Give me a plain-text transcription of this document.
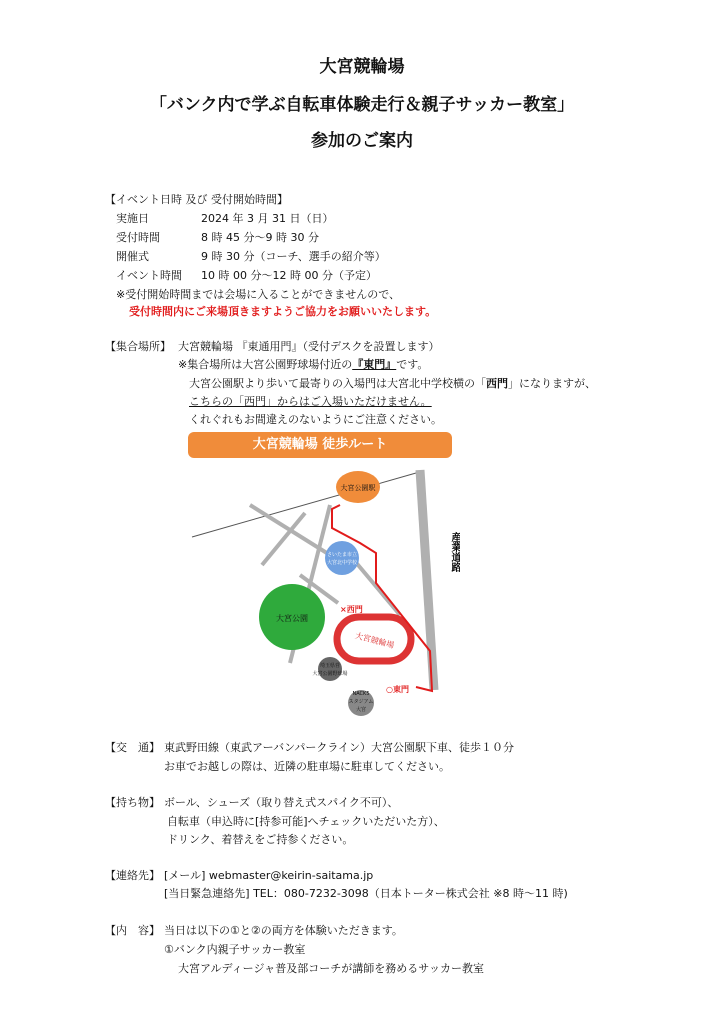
大宮競輪場
「バンク内で学ぶ自転車体験走行＆親子サッカー教室」
参加のご案内
【イベント日時 及び 受付開始時間】
実施日	2024 年 3 月 31 日（日）
受付時間	8 時 45 分～9 時 30 分
開催式	9 時 30 分（コーチ、選手の紹介等）
イベント時間 10 時 00 分～12 時 00 分（予定）
※受付開始時間までは会場に入ることができませんので、
受付時間内にご来場頂きますようご協力をお願いいたします。
【集合場所】 大宮競輪場 『東通用門』（受付デスクを設置します）
※集合場所は大宮公園野球場付近の『東門』です。
大宮公園駅より歩いて最寄りの入場門は大宮北中学校横の「西門」になりますが、
こちらの「西門」からはご入場いただけません。
くれぐれもお間違えのないようにご注意ください。
大宮競輪場 徒歩ルート
産業道路
大宮公園
さいたま市立
大宮北中学校
大宮公園駅
大宮競輪場
埼玉県営
大宮公園野球場
NACK5
スタジアム
大宮
×西門
○東門
【交　通】 東武野田線（東武アーバンパークライン）大宮公園駅下車、徒歩１０分
お車でお越しの際は、近隣の駐車場に駐車してください。
【持ち物】 ボール、シューズ（取り替え式スパイク不可）、
自転車（申込時に[持参可能]へチェックいただいた方）、
ドリンク、着替えをご持参ください。
【連絡先】 [メール] webmaster@keirin-saitama.jp
[当日緊急連絡先] TEL：080-7232-3098（日本トーター株式会社 ※8 時～11 時)
【内　容】 当日は以下の①と②の両方を体験いただきます。
①バンク内親子サッカー教室
大宮アルディージャ普及部コーチが講師を務めるサッカー教室
